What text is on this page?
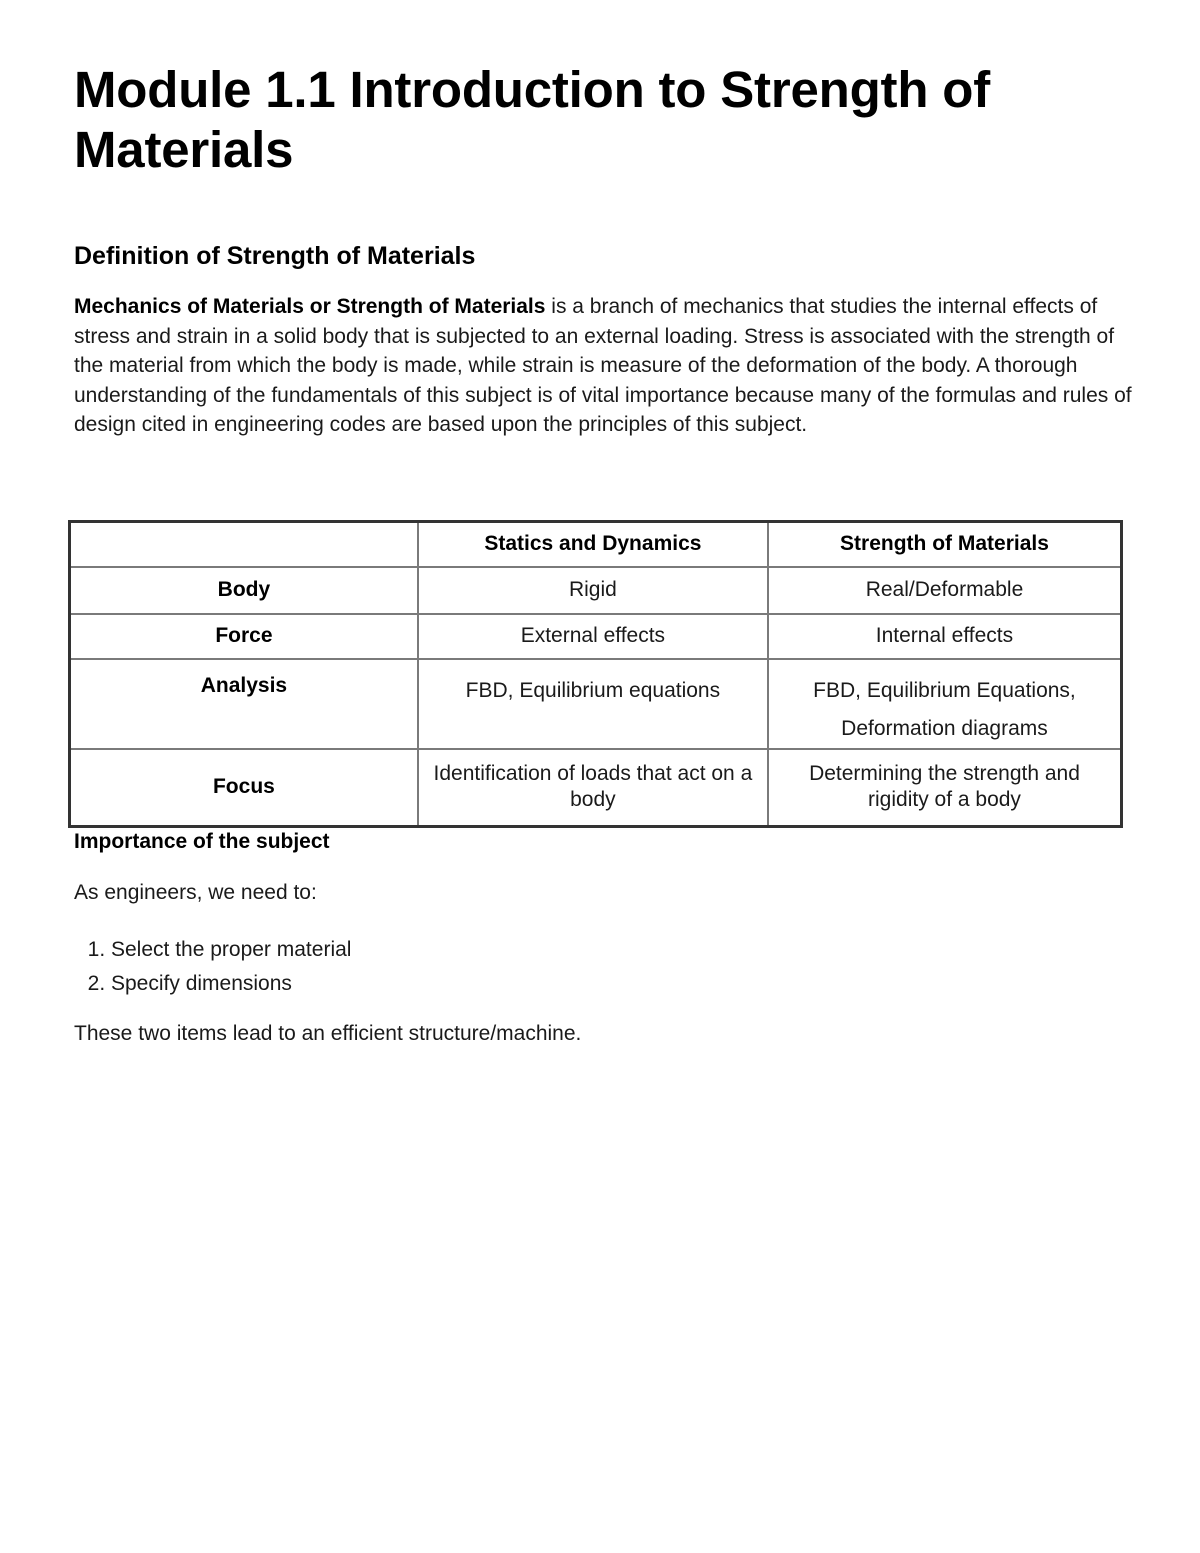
Module 1.1 Introduction to Strength of Materials
Definition of Strength of Materials

Mechanics of Materials or Strength of Materials is a branch of mechanics that studies the internal effects of stress and strain in a solid body that is subjected to an external loading. Stress is associated with the strength of the material from which the body is made, while strain is measure of the deformation of the body. A thorough understanding of the fundamentals of this subject is of vital importance because many of the formulas and rules of design cited in engineering codes are based upon the principles of this subject.

	Statics and Dynamics	Strength of Materials
Body	Rigid	Real/Deformable
Force	External effects	Internal effects
Analysis	FBD, Equilibrium equations	FBD, Equilibrium Equations, Deformation diagrams
Focus	Identification of loads that act on a body	Determining the strength and rigidity of a body
Importance of the subject

As engineers, we need to:

1. Select the proper material
2. Specify dimensions

These two items lead to an efficient structure/machine.
